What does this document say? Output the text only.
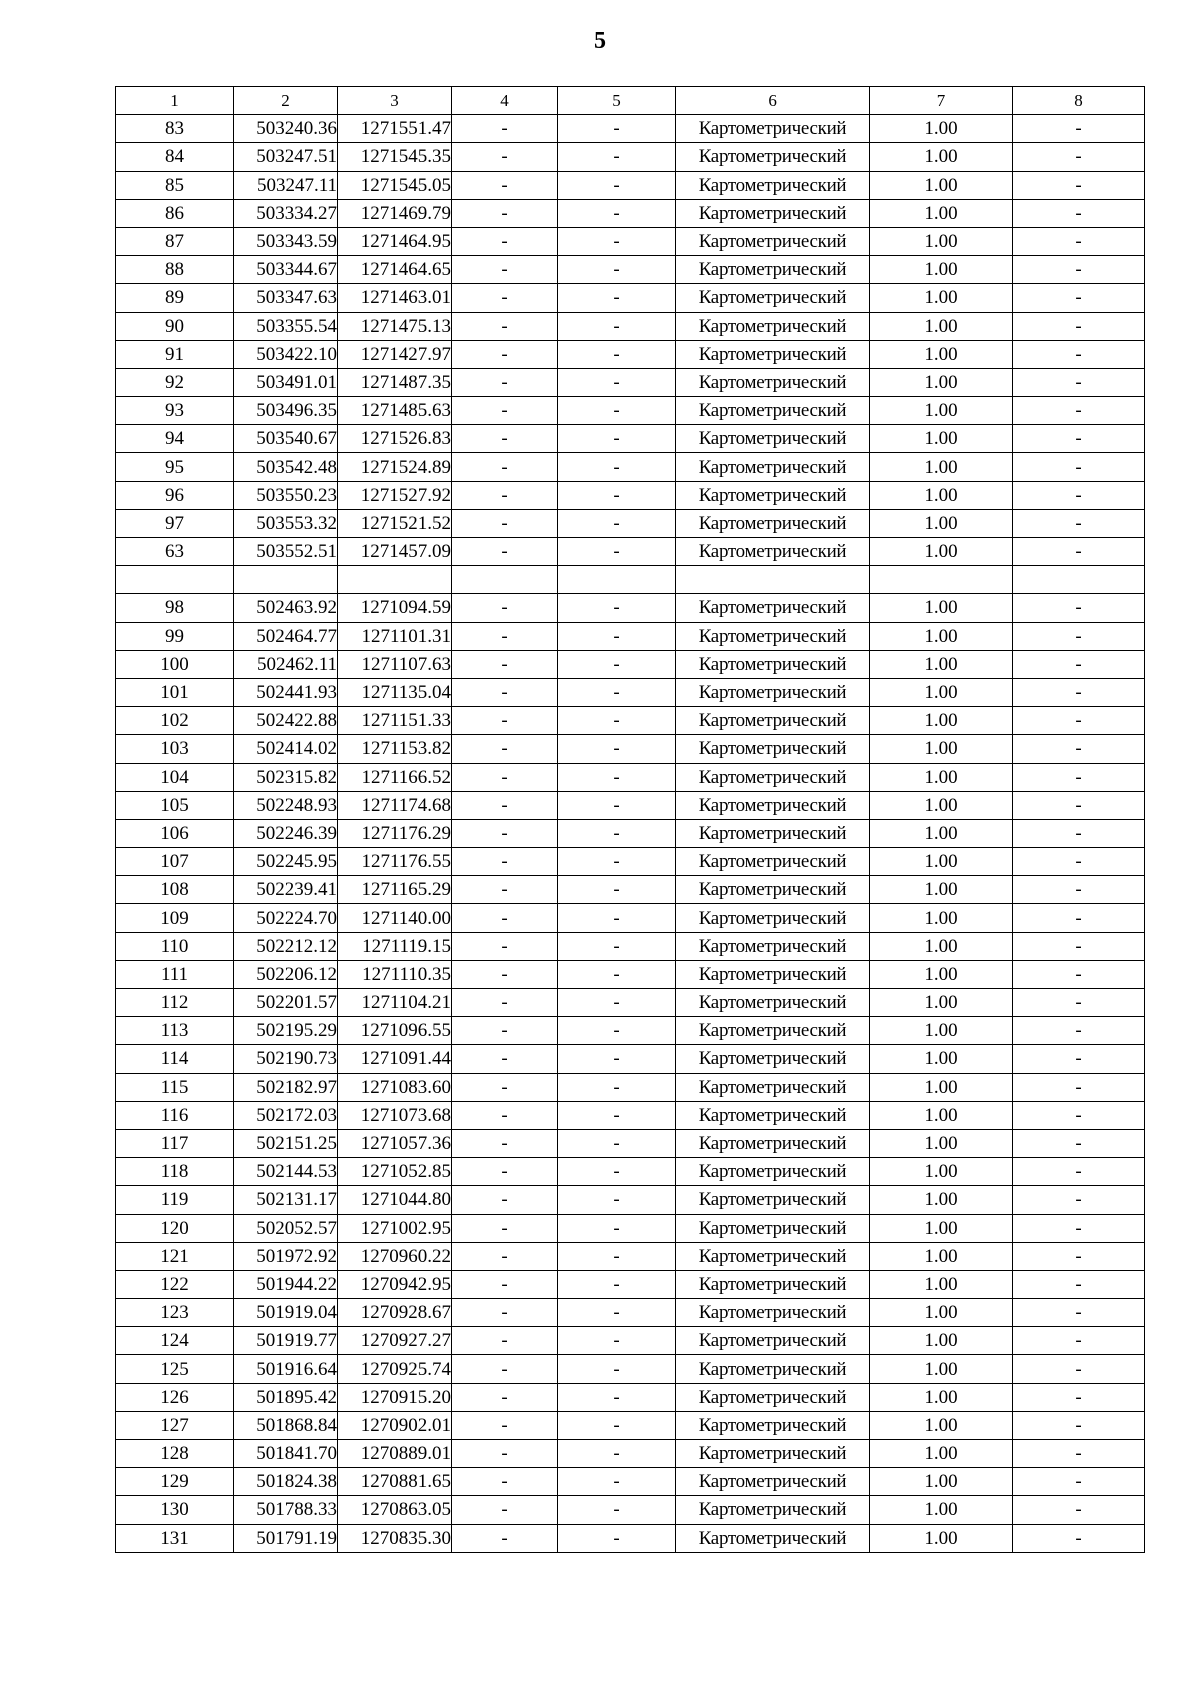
5
1	2	3	4	5	6	7	8
83	503240.36	1271551.47	-	-	Картометрический	1.00	-
84	503247.51	1271545.35	-	-	Картометрический	1.00	-
85	503247.11	1271545.05	-	-	Картометрический	1.00	-
86	503334.27	1271469.79	-	-	Картометрический	1.00	-
87	503343.59	1271464.95	-	-	Картометрический	1.00	-
88	503344.67	1271464.65	-	-	Картометрический	1.00	-
89	503347.63	1271463.01	-	-	Картометрический	1.00	-
90	503355.54	1271475.13	-	-	Картометрический	1.00	-
91	503422.10	1271427.97	-	-	Картометрический	1.00	-
92	503491.01	1271487.35	-	-	Картометрический	1.00	-
93	503496.35	1271485.63	-	-	Картометрический	1.00	-
94	503540.67	1271526.83	-	-	Картометрический	1.00	-
95	503542.48	1271524.89	-	-	Картометрический	1.00	-
96	503550.23	1271527.92	-	-	Картометрический	1.00	-
97	503553.32	1271521.52	-	-	Картометрический	1.00	-
63	503552.51	1271457.09	-	-	Картометрический	1.00	-

98	502463.92	1271094.59	-	-	Картометрический	1.00	-
99	502464.77	1271101.31	-	-	Картометрический	1.00	-
100	502462.11	1271107.63	-	-	Картометрический	1.00	-
101	502441.93	1271135.04	-	-	Картометрический	1.00	-
102	502422.88	1271151.33	-	-	Картометрический	1.00	-
103	502414.02	1271153.82	-	-	Картометрический	1.00	-
104	502315.82	1271166.52	-	-	Картометрический	1.00	-
105	502248.93	1271174.68	-	-	Картометрический	1.00	-
106	502246.39	1271176.29	-	-	Картометрический	1.00	-
107	502245.95	1271176.55	-	-	Картометрический	1.00	-
108	502239.41	1271165.29	-	-	Картометрический	1.00	-
109	502224.70	1271140.00	-	-	Картометрический	1.00	-
110	502212.12	1271119.15	-	-	Картометрический	1.00	-
111	502206.12	1271110.35	-	-	Картометрический	1.00	-
112	502201.57	1271104.21	-	-	Картометрический	1.00	-
113	502195.29	1271096.55	-	-	Картометрический	1.00	-
114	502190.73	1271091.44	-	-	Картометрический	1.00	-
115	502182.97	1271083.60	-	-	Картометрический	1.00	-
116	502172.03	1271073.68	-	-	Картометрический	1.00	-
117	502151.25	1271057.36	-	-	Картометрический	1.00	-
118	502144.53	1271052.85	-	-	Картометрический	1.00	-
119	502131.17	1271044.80	-	-	Картометрический	1.00	-
120	502052.57	1271002.95	-	-	Картометрический	1.00	-
121	501972.92	1270960.22	-	-	Картометрический	1.00	-
122	501944.22	1270942.95	-	-	Картометрический	1.00	-
123	501919.04	1270928.67	-	-	Картометрический	1.00	-
124	501919.77	1270927.27	-	-	Картометрический	1.00	-
125	501916.64	1270925.74	-	-	Картометрический	1.00	-
126	501895.42	1270915.20	-	-	Картометрический	1.00	-
127	501868.84	1270902.01	-	-	Картометрический	1.00	-
128	501841.70	1270889.01	-	-	Картометрический	1.00	-
129	501824.38	1270881.65	-	-	Картометрический	1.00	-
130	501788.33	1270863.05	-	-	Картометрический	1.00	-
131	501791.19	1270835.30	-	-	Картометрический	1.00	-
